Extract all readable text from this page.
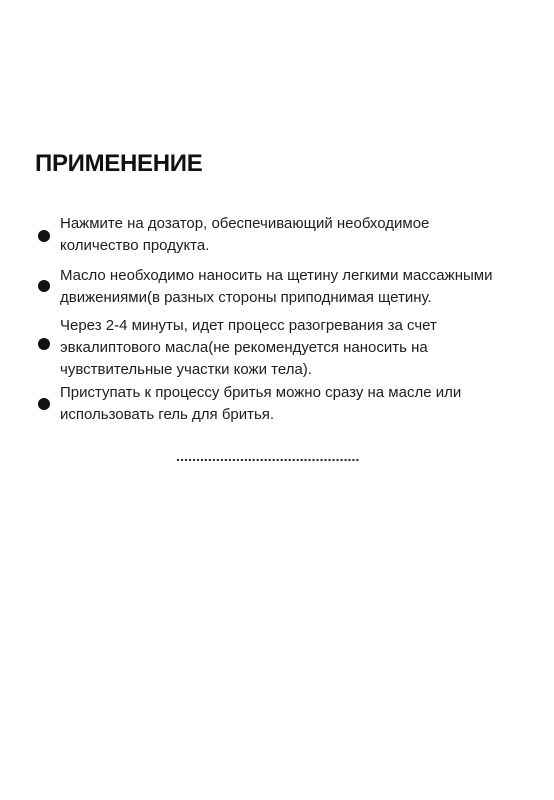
ПРИМЕНЕНИЕ
Нажмите на дозатор, обеспечивающий необходимое количество продукта.
Масло необходимо наносить на щетину легкими массажными движениями(в разных стороны приподнимая щетину.
Через 2-4 минуты, идет процесс разогревания за счет эвкалиптового масла(не рекомендуется наносить на чувствительные участки кожи тела).
Приступать к процессу бритья можно сразу на масле или использовать гель для бритья.
..............................................
